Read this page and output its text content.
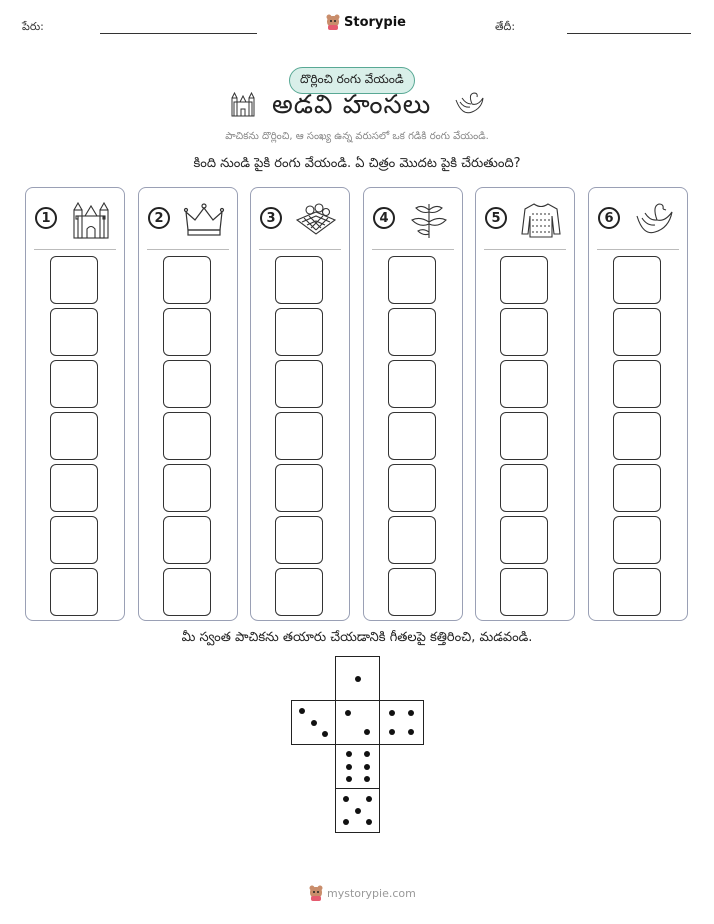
పేరు:	Storypie	తేదీ:
దొర్లించి రంగు వేయండి
అడవి హంసలు
పాచికను దొర్లించి, ఆ సంఖ్య ఉన్న వరుసలో ఒక గడికి రంగు వేయండి.
కింది నుండి పైకి రంగు వేయండి. ఏ చిత్రం మొదట పైకి చేరుతుంది?
1	2	3	4	5	6
మీ స్వంత పాచికను తయారు చేయడానికి గీతలపై కత్తిరించి, మడవండి.
mystorypie.com
